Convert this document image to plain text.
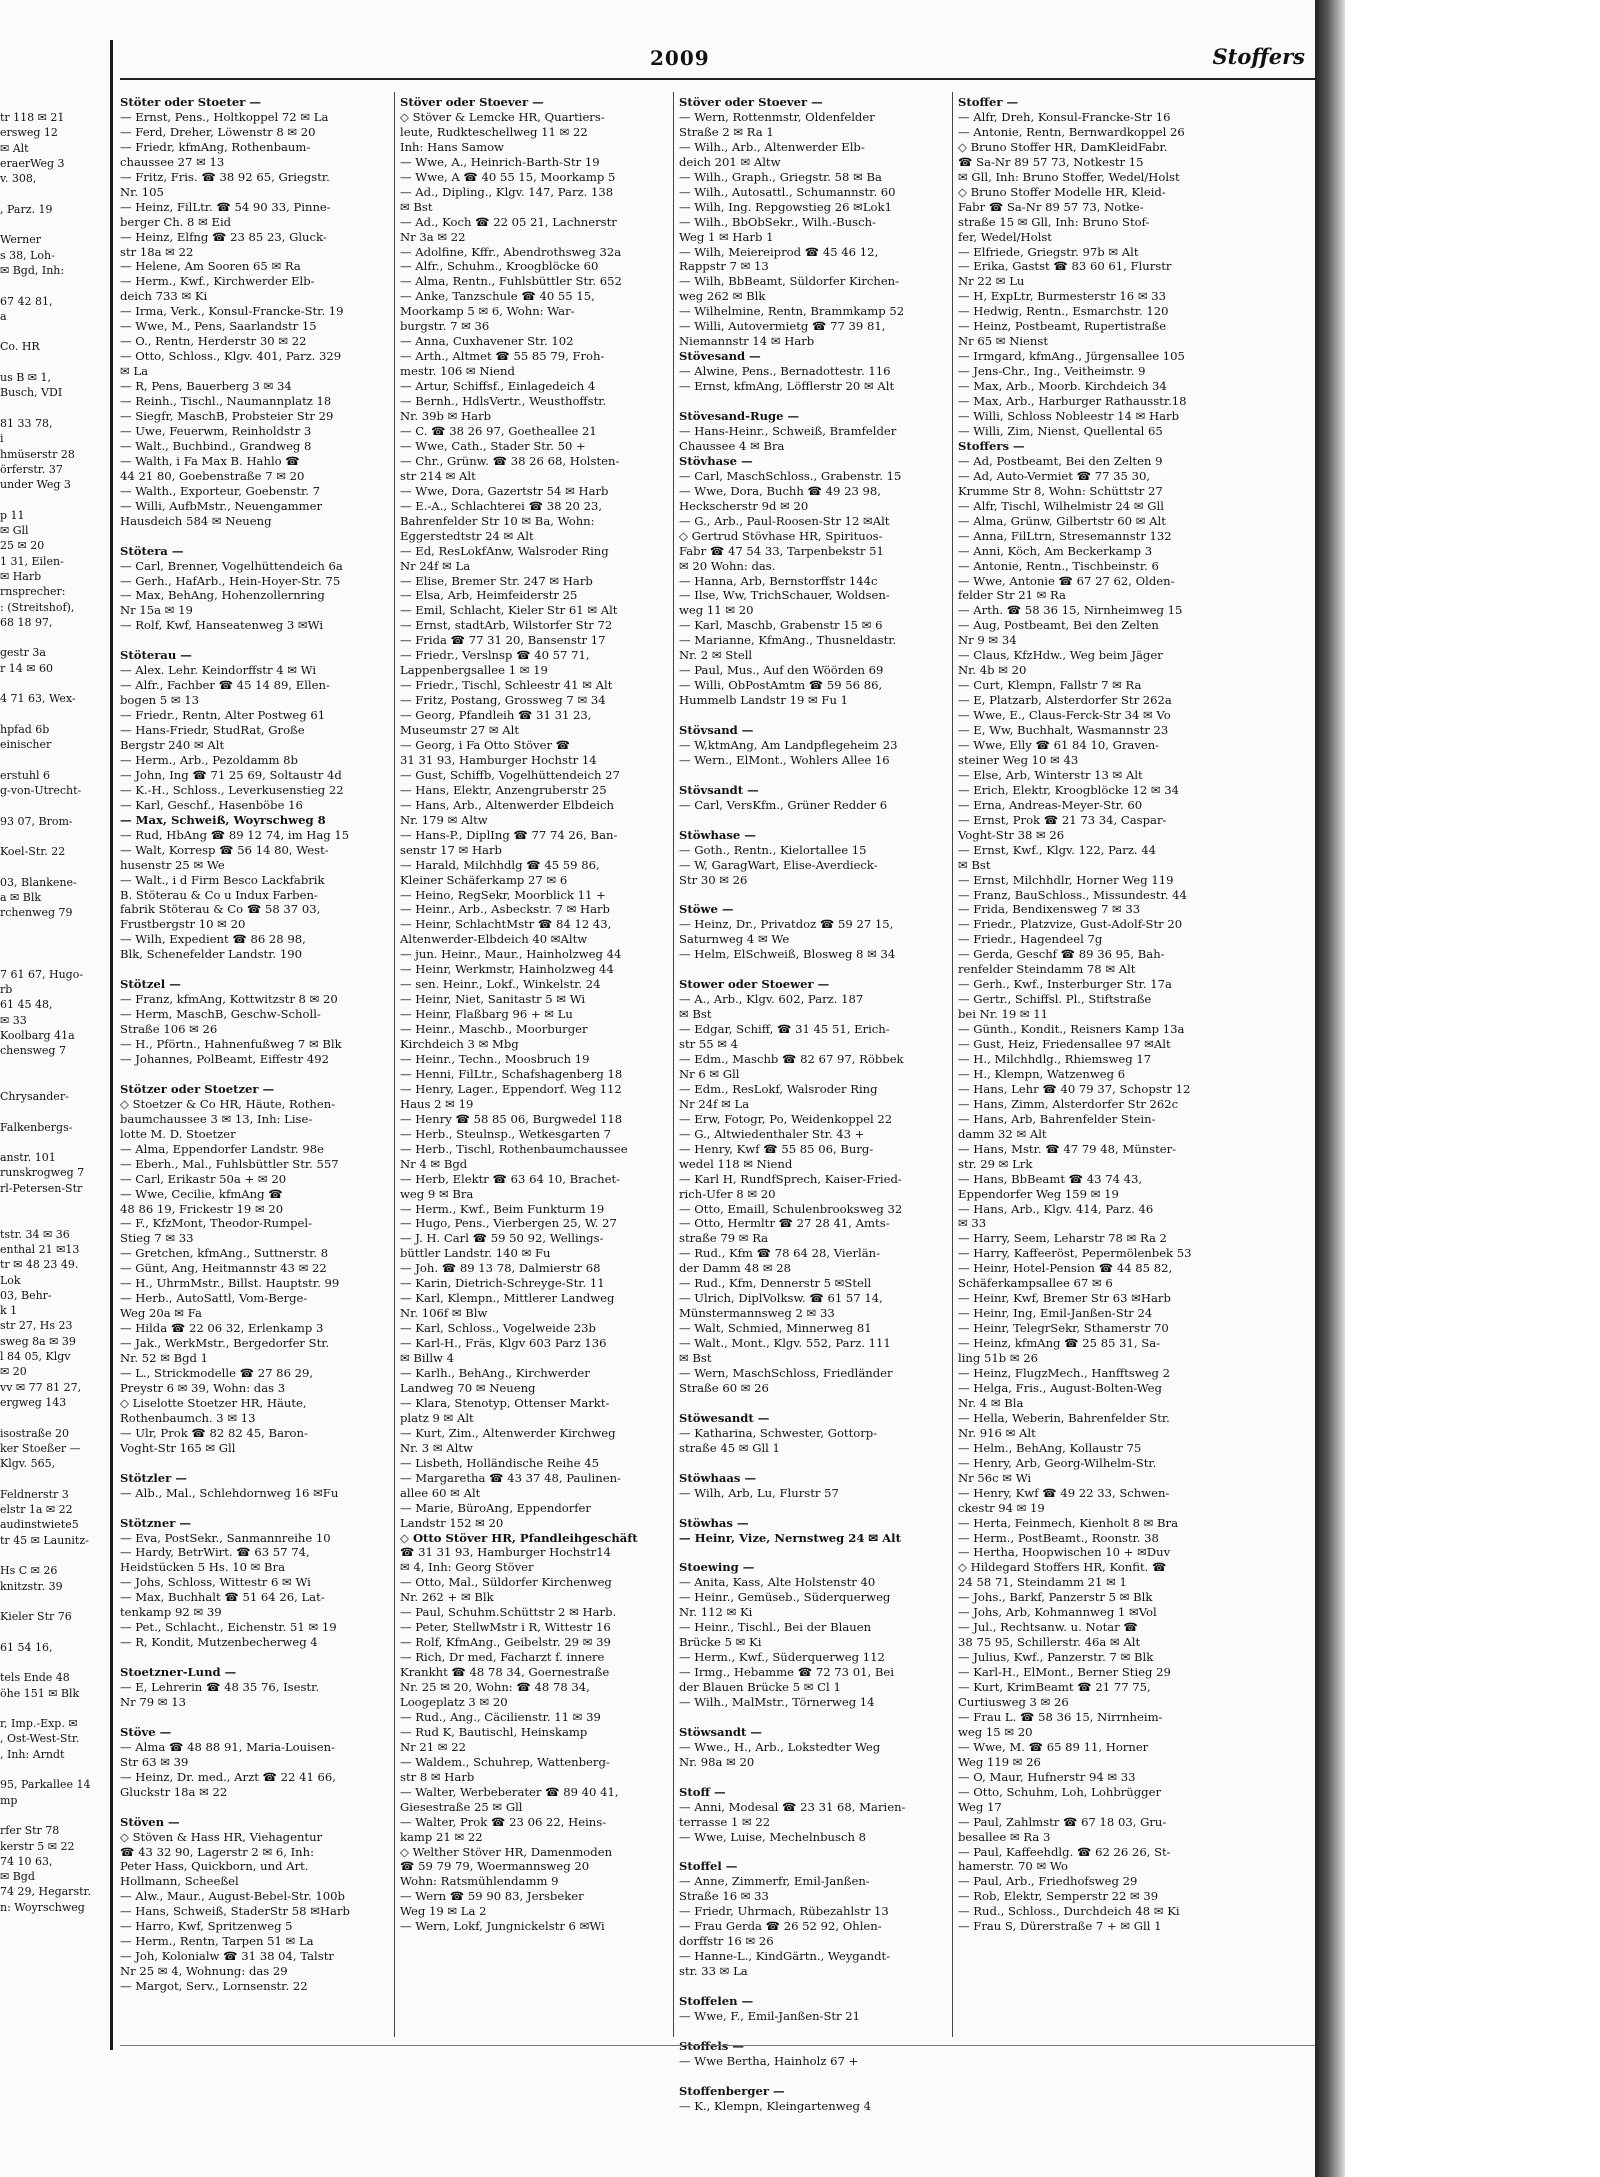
tr 118 ✉ 21
ersweg 12
✉ Alt
eraerWeg 3
v. 308,

, Parz. 19

Werner
s 38, Loh-
✉ Bgd, Inh:

67 42 81,
a

Co. HR

us B ✉ 1,
Busch, VDI

81 33 78,
i
hmüserstr 28
örferstr. 37
under Weg 3

p 11
✉ Gll
25 ✉ 20
1 31, Eilen-
✉ Harb
rnsprecher:
: (Streitshof),
68 18 97,

gestr 3a
r 14 ✉ 60

4 71 63, Wex-

hpfad 6b
einischer

erstuhl 6
g-von-Utrecht-

93 07, Brom-

Koel-Str. 22

03, Blankene-
a ✉ Blk
rchenweg 79

7 61 67, Hugo-
rb
61 45 48,
✉ 33
Koolbarg 41a
chensweg 7

Chrysander-

Falkenbergs-

anstr. 101
runskrogweg 7
rl-Petersen-Str

tstr. 34 ✉ 36
enthal 21 ✉13
tr ✉ 48 23 49.
Lok
03, Behr-
k 1
str 27, Hs 23
sweg 8a ✉ 39
l 84 05, Klgv
✉ 20
vv ✉ 77 81 27,
ergweg 143

isostraße 20
ker Stoeßer —
Klgv. 565,

Feldnerstr 3
elstr 1a ✉ 22
audinstwiete5
tr 45 ✉ Launitz-

Hs C ✉ 26
knitzstr. 39

Kieler Str 76

61 54 16,

tels Ende 48
öhe 151 ✉ Blk

r, Imp.-Exp. ✉
, Ost-West-Str.
, Inh: Arndt

95, Parkallee 14
mp

rfer Str 78
kerstr 5 ✉ 22
74 10 63,
✉ Bgd
74 29, Hegarstr.
n: Woyrschweg
2009	Stoffers
Stöter oder Stoeter —
— Ernst, Pens., Holtkoppel 72 ✉ La
— Ferd, Dreher, Löwenstr 8 ✉ 20
— Friedr, kfmAng, Rothenbaum-
chaussee 27 ✉ 13
— Fritz, Fris. ☎ 38 92 65, Griegstr.
Nr. 105
— Heinz, FilLtr. ☎ 54 90 33, Pinne-
berger Ch. 8 ✉ Eid
— Heinz, Elfng ☎ 23 85 23, Gluck-
str 18a ✉ 22
— Helene, Am Sooren 65 ✉ Ra
— Herm., Kwf., Kirchwerder Elb-
deich 733 ✉ Ki
— Irma, Verk., Konsul-Francke-Str. 19
— Wwe, M., Pens, Saarlandstr 15
— O., Rentn, Herderstr 30 ✉ 22
— Otto, Schloss., Klgv. 401, Parz. 329
✉ La
— R, Pens, Bauerberg 3 ✉ 34
— Reinh., Tischl., Naumannplatz 18
— Siegfr, MaschB, Probsteier Str 29
— Uwe, Feuerwm, Reinholdstr 3
— Walt., Buchbind., Grandweg 8
— Walth, i Fa Max B. Hahlo ☎
44 21 80, Goebenstraße 7 ✉ 20
— Walth., Exporteur, Goebenstr. 7
— Willi, AufbMstr., Neuengammer
Hausdeich 584 ✉ Neueng

Stötera —
— Carl, Brenner, Vogelhüttendeich 6a
— Gerh., HafArb., Hein-Hoyer-Str. 75
— Max, BehAng, Hohenzollernring
Nr 15a ✉ 19
— Rolf, Kwf, Hanseatenweg 3 ✉Wi

Stöterau —
— Alex. Lehr. Keindorffstr 4 ✉ Wi
— Alfr., Fachber ☎ 45 14 89, Ellen-
bogen 5 ✉ 13
— Friedr., Rentn, Alter Postweg 61
— Hans-Friedr, StudRat, Große
Bergstr 240 ✉ Alt
— Herm., Arb., Pezoldamm 8b
— John, Ing ☎ 71 25 69, Soltaustr 4d
— K.-H., Schloss., Leverkusenstieg 22
— Karl, Geschf., Hasenböbe 16
— Max, Schweiß, Woyrschweg 8
— Rud, HbAng ☎ 89 12 74, im Hag 15
— Walt, Korresp ☎ 56 14 80, West-
husenstr 25 ✉ We
— Walt., i d Firm Besco Lackfabrik
B. Stöterau & Co u Indux Farben-
fabrik Stöterau & Co ☎ 58 37 03,
Frustbergstr 10 ✉ 20
— Wilh, Expedient ☎ 86 28 98,
Blk, Schenefelder Landstr. 190

Stötzel —
— Franz, kfmAng, Kottwitzstr 8 ✉ 20
— Herm, MaschB, Geschw-Scholl-
Straße 106 ✉ 26
— H., Pförtn., Hahnenfußweg 7 ✉ Blk
— Johannes, PolBeamt, Eiffestr 492

Stötzer oder Stoetzer —
◇ Stoetzer & Co HR, Häute, Rothen-
baumchaussee 3 ✉ 13, Inh: Lise-
lotte M. D. Stoetzer
— Alma, Eppendorfer Landstr. 98e
— Eberh., Mal., Fuhlsbüttler Str. 557
— Carl, Erikastr 50a + ✉ 20
— Wwe, Cecilie, kfmAng ☎
48 86 19, Frickestr 19 ✉ 20
— F., KfzMont, Theodor-Rumpel-
Stieg 7 ✉ 33
— Gretchen, kfmAng., Suttnerstr. 8
— Günt, Ang, Heitmannstr 43 ✉ 22
— H., UhrmMstr., Billst. Hauptstr. 99
— Herb., AutoSattl, Vom-Berge-
Weg 20a ✉ Fa
— Hilda ☎ 22 06 32, Erlenkamp 3
— Jak., WerkMstr., Bergedorfer Str.
Nr. 52 ✉ Bgd 1
— L., Strickmodelle ☎ 27 86 29,
Preystr 6 ✉ 39, Wohn: das 3
◇ Liselotte Stoetzer HR, Häute,
Rothenbaumch. 3 ✉ 13
— Ulr, Prok ☎ 82 82 45, Baron-
Voght-Str 165 ✉ Gll

Stötzler —
— Alb., Mal., Schlehdornweg 16 ✉Fu

Stötzner —
— Eva, PostSekr., Sanmannreihe 10
— Hardy, BetrWirt. ☎ 63 57 74,
Heidstücken 5 Hs. 10 ✉ Bra
— Johs, Schloss, Wittestr 6 ✉ Wi
— Max, Buchhalt ☎ 51 64 26, Lat-
tenkamp 92 ✉ 39
— Pet., Schlacht., Eichenstr. 51 ✉ 19
— R, Kondit, Mutzenbecherweg 4

Stoetzner-Lund —
— E, Lehrerin ☎ 48 35 76, Isestr.
Nr 79 ✉ 13

Stöve —
— Alma ☎ 48 88 91, Maria-Louisen-
Str 63 ✉ 39
— Heinz, Dr. med., Arzt ☎ 22 41 66,
Gluckstr 18a ✉ 22

Stöven —
◇ Stöven & Hass HR, Viehagentur
☎ 43 32 90, Lagerstr 2 ✉ 6, Inh:
Peter Hass, Quickborn, und Art.
Hollmann, Scheeßel
— Alw., Maur., August-Bebel-Str. 100b
— Hans, Schweiß, StaderStr 58 ✉Harb
— Harro, Kwf, Spritzenweg 5
— Herm., Rentn, Tarpen 51 ✉ La
— Joh, Kolonialw ☎ 31 38 04, Talstr
Nr 25 ✉ 4, Wohnung: das 29
— Margot, Serv., Lornsenstr. 22
Stöver oder Stoever —
◇ Stöver & Lemcke HR, Quartiers-
leute, Rudkteschellweg 11 ✉ 22
Inh: Hans Samow
— Wwe, A., Heinrich-Barth-Str 19
— Wwe, A ☎ 40 55 15, Moorkamp 5
— Ad., Dipling., Klgv. 147, Parz. 138
✉ Bst
— Ad., Koch ☎ 22 05 21, Lachnerstr
Nr 3a ✉ 22
— Adolfine, Kffr., Abendrothsweg 32a
— Alfr., Schuhm., Kroogblöcke 60
— Alma, Rentn., Fuhlsbüttler Str. 652
— Anke, Tanzschule ☎ 40 55 15,
Moorkamp 5 ✉ 6, Wohn: War-
burgstr. 7 ✉ 36
— Anna, Cuxhavener Str. 102
— Arth., Altmet ☎ 55 85 79, Froh-
mestr. 106 ✉ Niend
— Artur, Schiffsf., Einlagedeich 4
— Bernh., HdlsVertr., Weusthoffstr.
Nr. 39b ✉ Harb
— C. ☎ 38 26 97, Goetheallee 21
— Wwe, Cath., Stader Str. 50 +
— Chr., Grünw. ☎ 38 26 68, Holsten-
str 214 ✉ Alt
— Wwe, Dora, Gazertstr 54 ✉ Harb
— E.-A., Schlachterei ☎ 38 20 23,
Bahrenfelder Str 10 ✉ Ba, Wohn:
Eggerstedtstr 24 ✉ Alt
— Ed, ResLokfAnw, Walsroder Ring
Nr 24f ✉ La
— Elise, Bremer Str. 247 ✉ Harb
— Elsa, Arb, Heimfeiderstr 25
— Emil, Schlacht, Kieler Str 61 ✉ Alt
— Ernst, stadtArb, Wilstorfer Str 72
— Frida ☎ 77 31 20, Bansenstr 17
— Friedr., Verslnsp ☎ 40 57 71,
Lappenbergsallee 1 ✉ 19
— Friedr., Tischl, Schleestr 41 ✉ Alt
— Fritz, Postang, Grossweg 7 ✉ 34
— Georg, Pfandleih ☎ 31 31 23,
Museumstr 27 ✉ Alt
— Georg, i Fa Otto Stöver ☎
31 31 93, Hamburger Hochstr 14
— Gust, Schiffb, Vogelhüttendeich 27
— Hans, Elektr, Anzengruberstr 25
— Hans, Arb., Altenwerder Elbdeich
Nr. 179 ✉ Altw
— Hans-P., DiplIng ☎ 77 74 26, Ban-
senstr 17 ✉ Harb
— Harald, Milchhdlg ☎ 45 59 86,
Kleiner Schäferkamp 27 ✉ 6
— Heino, RegSekr, Moorblick 11 +
— Heinr., Arb., Asbeckstr. 7 ✉ Harb
— Heinr, SchlachtMstr ☎ 84 12 43,
Altenwerder-Elbdeich 40 ✉Altw
— jun. Heinr., Maur., Hainholzweg 44
— Heinr, Werkmstr, Hainholzweg 44
— sen. Heinr., Lokf., Winkelstr. 24
— Heinr, Niet, Sanitastr 5 ✉ Wi
— Heinr, Flaßbarg 96 + ✉ Lu
— Heinr., Maschb., Moorburger
Kirchdeich 3 ✉ Mbg
— Heinr., Techn., Moosbruch 19
— Henni, FilLtr., Schafshagenberg 18
— Henry, Lager., Eppendorf. Weg 112
Haus 2 ✉ 19
— Henry ☎ 58 85 06, Burgwedel 118
— Herb., Steulnsp., Wetkesgarten 7
— Herb., Tischl, Rothenbaumchaussee
Nr 4 ✉ Bgd
— Herb, Elektr ☎ 63 64 10, Brachet-
weg 9 ✉ Bra
— Herm., Kwf., Beim Funkturm 19
— Hugo, Pens., Vierbergen 25, W. 27
— J. H. Carl ☎ 59 50 92, Wellings-
büttler Landstr. 140 ✉ Fu
— Joh. ☎ 89 13 78, Dalmierstr 68
— Karin, Dietrich-Schreyge-Str. 11
— Karl, Klempn., Mittlerer Landweg
Nr. 106f ✉ Blw
— Karl, Schloss., Vogelweide 23b
— Karl-H., Fräs, Klgv 603 Parz 136
✉ Billw 4
— Karlh., BehAng., Kirchwerder
Landweg 70 ✉ Neueng
— Klara, Stenotyp, Ottenser Markt-
platz 9 ✉ Alt
— Kurt, Zim., Altenwerder Kirchweg
Nr. 3 ✉ Altw
— Lisbeth, Holländische Reihe 45
— Margaretha ☎ 43 37 48, Paulinen-
allee 60 ✉ Alt
— Marie, BüroAng, Eppendorfer
Landstr 152 ✉ 20
◇ Otto Stöver HR, Pfandleihgeschäft
☎ 31 31 93, Hamburger Hochstr14
✉ 4, Inh: Georg Stöver
— Otto, Mal., Süldorfer Kirchenweg
Nr. 262 + ✉ Blk
— Paul, Schuhm.Schüttstr 2 ✉ Harb.
— Peter, StellwMstr i R, Wittestr 16
— Rolf, KfmAng., Geibelstr. 29 ✉ 39
— Rich, Dr med, Facharzt f. innere
Krankht ☎ 48 78 34, Goernestraße
Nr. 25 ✉ 20, Wohn: ☎ 48 78 34,
Loogeplatz 3 ✉ 20
— Rud., Ang., Cäcilienstr. 11 ✉ 39
— Rud K, Bautischl, Heinskamp
Nr 21 ✉ 22
— Waldem., Schuhrep, Wattenberg-
str 8 ✉ Harb
— Walter, Werbeberater ☎ 89 40 41,
Giesestraße 25 ✉ Gll
— Walter, Prok ☎ 23 06 22, Heins-
kamp 21 ✉ 22
◇ Welther Stöver HR, Damenmoden
☎ 59 79 79, Woermannsweg 20
Wohn: Ratsmühlendamm 9
— Wern ☎ 59 90 83, Jersbeker
Weg 19 ✉ La 2
— Wern, Lokf, Jungnickelstr 6 ✉Wi
Stöver oder Stoever —
— Wern, Rottenmstr, Oldenfelder
Straße 2 ✉ Ra 1
— Wilh., Arb., Altenwerder Elb-
deich 201 ✉ Altw
— Wilh., Graph., Griegstr. 58 ✉ Ba
— Wilh., Autosattl., Schumannstr. 60
— Wilh, Ing. Repgowstieg 26 ✉Lok1
— Wilh., BbObSekr., Wilh.-Busch-
Weg 1 ✉ Harb 1
— Wilh, Meiereiprod ☎ 45 46 12,
Rappstr 7 ✉ 13
— Wilh, BbBeamt, Süldorfer Kirchen-
weg 262 ✉ Blk
— Wilhelmine, Rentn, Brammkamp 52
— Willi, Autovermietg ☎ 77 39 81,
Niemannstr 14 ✉ Harb
Stövesand —
— Alwine, Pens., Bernadottestr. 116
— Ernst, kfmAng, Löfflerstr 20 ✉ Alt

Stövesand-Ruge —
— Hans-Heinr., Schweiß, Bramfelder
Chaussee 4 ✉ Bra
Stövhase —
— Carl, MaschSchloss., Grabenstr. 15
— Wwe, Dora, Buchh ☎ 49 23 98,
Heckscherstr 9d ✉ 20
— G., Arb., Paul-Roosen-Str 12 ✉Alt
◇ Gertrud Stövhase HR, Spirituos-
Fabr ☎ 47 54 33, Tarpenbekstr 51
✉ 20 Wohn: das.
— Hanna, Arb, Bernstorffstr 144c
— Ilse, Ww, TrichSchauer, Woldsen-
weg 11 ✉ 20
— Karl, Maschb, Grabenstr 15 ✉ 6
— Marianne, KfmAng., Thusneldastr.
Nr. 2 ✉ Stell
— Paul, Mus., Auf den Wöörden 69
— Willi, ObPostAmtm ☎ 59 56 86,
Hummelb Landstr 19 ✉ Fu 1

Stövsand —
— W,ktmAng, Am Landpflegeheim 23
— Wern., ElMont., Wohlers Allee 16

Stövsandt —
— Carl, VersKfm., Grüner Redder 6

Stöwhase —
— Goth., Rentn., Kielortallee 15
— W, GaragWart, Elise-Averdieck-
Str 30 ✉ 26

Stöwe —
— Heinz, Dr., Privatdoz ☎ 59 27 15,
Saturnweg 4 ✉ We
— Helm, ElSchweiß, Blosweg 8 ✉ 34

Stower oder Stoewer —
— A., Arb., Klgv. 602, Parz. 187
✉ Bst
— Edgar, Schiff, ☎ 31 45 51, Erich-
str 55 ✉ 4
— Edm., Maschb ☎ 82 67 97, Röbbek
Nr 6 ✉ Gll
— Edm., ResLokf, Walsroder Ring
Nr 24f ✉ La
— Erw, Fotogr, Po, Weidenkoppel 22
— G., Altwiedenthaler Str. 43 +
— Henry, Kwf ☎ 55 85 06, Burg-
wedel 118 ✉ Niend
— Karl H, RundfSprech, Kaiser-Fried-
rich-Ufer 8 ✉ 20
— Otto, Emaill, Schulenbrooksweg 32
— Otto, Hermltr ☎ 27 28 41, Amts-
straße 79 ✉ Ra
— Rud., Kfm ☎ 78 64 28, Vierlän-
der Damm 48 ✉ 28
— Rud., Kfm, Dennerstr 5 ✉Stell
— Ulrich, DiplVolksw. ☎ 61 57 14,
Münstermannsweg 2 ✉ 33
— Walt, Schmied, Minnerweg 81
— Walt., Mont., Klgv. 552, Parz. 111
✉ Bst
— Wern, MaschSchloss, Friedländer
Straße 60 ✉ 26

Stöwesandt —
— Katharina, Schwester, Gottorp-
straße 45 ✉ Gll 1

Stöwhaas —
— Wilh, Arb, Lu, Flurstr 57

Stöwhas —
— Heinr, Vize, Nernstweg 24 ✉ Alt

Stoewing —
— Anita, Kass, Alte Holstenstr 40
— Heinr., Gemüseb., Süderquerweg
Nr. 112 ✉ Ki
— Heinr., Tischl., Bei der Blauen
Brücke 5 ✉ Ki
— Herm., Kwf., Süderquerweg 112
— Irmg., Hebamme ☎ 72 73 01, Bei
der Blauen Brücke 5 ✉ Cl 1
— Wilh., MalMstr., Törnerweg 14

Stöwsandt —
— Wwe., H., Arb., Lokstedter Weg
Nr. 98a ✉ 20

Stoff —
— Anni, Modesal ☎ 23 31 68, Marien-
terrasse 1 ✉ 22
— Wwe, Luise, Mechelnbusch 8

Stoffel —
— Anne, Zimmerfr, Emil-Janßen-
Straße 16 ✉ 33
— Friedr, Uhrmach, Rübezahlstr 13
— Frau Gerda ☎ 26 52 92, Ohlen-
dorffstr 16 ✉ 26
— Hanne-L., KindGärtn., Weygandt-
str. 33 ✉ La

Stoffelen —
— Wwe, F., Emil-Janßen-Str 21

— Wwe Bertha, Hainholz 67 +

Stoffenberger —
— K., Klempn, Kleingartenweg 4
Stoffer —
— Alfr, Dreh, Konsul-Francke-Str 16
— Antonie, Rentn, Bernwardkoppel 26
◇ Bruno Stoffer HR, DamKleidFabr.
☎ Sa-Nr 89 57 73, Notkestr 15
✉ Gll, Inh: Bruno Stoffer, Wedel/Holst
◇ Bruno Stoffer Modelle HR, Kleid-
Fabr ☎ Sa-Nr 89 57 73, Notke-
straße 15 ✉ Gll, Inh: Bruno Stof-
fer, Wedel/Holst
— Elfriede, Griegstr. 97b ✉ Alt
— Erika, Gastst ☎ 83 60 61, Flurstr
Nr 22 ✉ Lu
— H, ExpLtr, Burmesterstr 16 ✉ 33
— Hedwig, Rentn., Esmarchstr. 120
— Heinz, Postbeamt, Rupertistraße
Nr 65 ✉ Nienst
— Irmgard, kfmAng., Jürgensallee 105
— Jens-Chr., Ing., Veitheimstr. 9
— Max, Arb., Moorb. Kirchdeich 34
— Max, Arb., Harburger Rathausstr.18
— Willi, Schloss Nobleestr 14 ✉ Harb
— Willi, Zim, Nienst, Quellental 65
Stoffers —
— Ad, Postbeamt, Bei den Zelten 9
— Ad, Auto-Vermiet ☎ 77 35 30,
Krumme Str 8, Wohn: Schüttstr 27
— Alfr, Tischl, Wilhelmistr 24 ✉ Gll
— Alma, Grünw, Gilbertstr 60 ✉ Alt
— Anna, FilLtrn, Stresemannstr 132
— Anni, Köch, Am Beckerkamp 3
— Antonie, Rentn., Tischbeinstr. 6
— Wwe, Antonie ☎ 67 27 62, Olden-
felder Str 21 ✉ Ra
— Arth. ☎ 58 36 15, Nirnheimweg 15
— Aug, Postbeamt, Bei den Zelten
Nr 9 ✉ 34
— Claus, KfzHdw., Weg beim Jäger
Nr. 4b ✉ 20
— Curt, Klempn, Fallstr 7 ✉ Ra
— E, Platzarb, Alsterdorfer Str 262a
— Wwe, E., Claus-Ferck-Str 34 ✉ Vo
— E, Ww, Buchhalt, Wasmannstr 23
— Wwe, Elly ☎ 61 84 10, Graven-
steiner Weg 10 ✉ 43
— Else, Arb, Winterstr 13 ✉ Alt
— Erich, Elektr, Kroogblöcke 12 ✉ 34
— Erna, Andreas-Meyer-Str. 60
— Ernst, Prok ☎ 21 73 34, Caspar-
Voght-Str 38 ✉ 26
— Ernst, Kwf., Klgv. 122, Parz. 44
✉ Bst
— Ernst, Milchhdlr, Horner Weg 119
— Franz, BauSchloss., Missundestr. 44
— Frida, Bendixensweg 7 ✉ 33
— Friedr., Platzvize, Gust-Adolf-Str 20
— Friedr., Hagendeel 7g
— Gerda, Geschf ☎ 89 36 95, Bah-
renfelder Steindamm 78 ✉ Alt
— Gerh., Kwf., Insterburger Str. 17a
— Gertr., Schiffsl. Pl., Stiftstraße
bei Nr. 19 ✉ 11
— Günth., Kondit., Reisners Kamp 13a
— Gust, Heiz, Friedensallee 97 ✉Alt
— H., Milchhdlg., Rhiemsweg 17
— H., Klempn, Watzenweg 6
— Hans, Lehr ☎ 40 79 37, Schopstr 12
— Hans, Zimm, Alsterdorfer Str 262c
— Hans, Arb, Bahrenfelder Stein-
damm 32 ✉ Alt
— Hans, Mstr. ☎ 47 79 48, Münster-
str. 29 ✉ Lrk
— Hans, BbBeamt ☎ 43 74 43,
Eppendorfer Weg 159 ✉ 19
— Hans, Arb., Klgv. 414, Parz. 46
✉ 33
— Harry, Seem, Leharstr 78 ✉ Ra 2
— Harry, Kaffeeröst, Pepermölenbek 53
— Heinr, Hotel-Pension ☎ 44 85 82,
Schäferkampsallee 67 ✉ 6
— Heinr, Kwf, Bremer Str 63 ✉Harb
— Heinr, Ing, Emil-Janßen-Str 24
— Heinr, TelegrSekr, Sthamerstr 70
— Heinz, kfmAng ☎ 25 85 31, Sa-
ling 51b ✉ 26
— Heinz, FlugzMech., Hanfftsweg 2
— Helga, Fris., August-Bolten-Weg
Nr. 4 ✉ Bla
— Hella, Weberin, Bahrenfelder Str.
Nr. 916 ✉ Alt
— Helm., BehAng, Kollaustr 75
— Henry, Arb, Georg-Wilhelm-Str.
Nr 56c ✉ Wi
— Henry, Kwf ☎ 49 22 33, Schwen-
ckestr 94 ✉ 19
— Herta, Feinmech, Kienholt 8 ✉ Bra
— Herm., PostBeamt., Roonstr. 38
— Hertha, Hoopwischen 10 + ✉Duv
◇ Hildegard Stoffers HR, Konfit. ☎
24 58 71, Steindamm 21 ✉ 1
— Johs., Barkf, Panzerstr 5 ✉ Blk
— Johs, Arb, Kohmannweg 1 ✉Vol
— Jul., Rechtsanw. u. Notar ☎
38 75 95, Schillerstr. 46a ✉ Alt
— Julius, Kwf., Panzerstr. 7 ✉ Blk
— Karl-H., ElMont., Berner Stieg 29
— Kurt, KrimBeamt ☎ 21 77 75,
Curtiusweg 3 ✉ 26
— Frau L. ☎ 58 36 15, Nirrnheim-
weg 15 ✉ 20
— Wwe, M. ☎ 65 89 11, Horner
Weg 119 ✉ 26
— O, Maur, Hufnerstr 94 ✉ 33
— Otto, Schuhm, Loh, Lohbrügger
Weg 17
— Paul, Zahlmstr ☎ 67 18 03, Gru-
besallee ✉ Ra 3
— Paul, Kaffeehdlg. ☎ 62 26 26, St-
hamerstr. 70 ✉ Wo
— Paul, Arb., Friedhofsweg 29
— Rob, Elektr, Semperstr 22 ✉ 39
— Rud., Schloss., Durchdeich 48 ✉ Ki
— Frau S, Dürerstraße 7 + ✉ Gll 1
